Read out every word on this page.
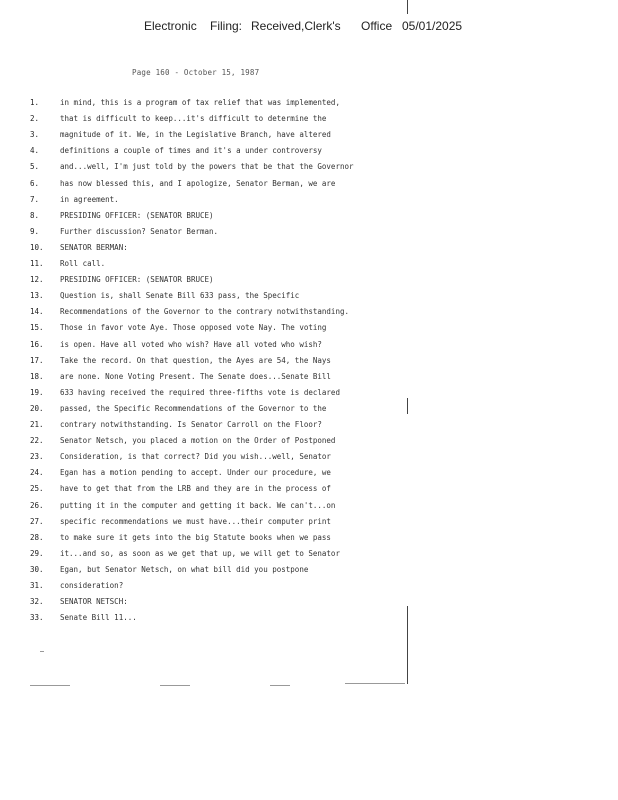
Electronic Filing: Received,Clerk's Office 05/01/2025
Page 160 - October 15, 1987
1.	in mind, this is a program of tax relief that was implemented,
2.	that is difficult to keep...it's difficult to determine the
3.	magnitude of it. We, in the Legislative Branch, have altered
4.	definitions a couple of times and it's a under controversy
5.	and...well, I'm just told by the powers that be that the Governor
6.	has now blessed this, and I apologize, Senator Berman, we are
7.	in agreement.
8.	PRESIDING OFFICER: (SENATOR BRUCE)
9.	Further discussion? Senator Berman.
10. SENATOR BERMAN:
11. Roll call.
12. PRESIDING OFFICER: (SENATOR BRUCE)
13. Question is, shall Senate Bill 633 pass, the Specific
14. Recommendations of the Governor to the contrary notwithstanding.
15. Those in favor vote Aye. Those opposed vote Nay. The voting
16. is open. Have all voted who wish? Have all voted who wish?
17. Take the record. On that question, the Ayes are 54, the Nays
18. are none. None Voting Present. The Senate does...Senate Bill
19. 633 having received the required three-fifths vote is declared
20. passed, the Specific Recommendations of the Governor to the
21. contrary notwithstanding. Is Senator Carroll on the Floor?
22. Senator Netsch, you placed a motion on the Order of Postponed
23. Consideration, is that correct? Did you wish...well, Senator
24. Egan has a motion pending to accept. Under our procedure, we
25. have to get that from the LRB and they are in the process of
26. putting it in the computer and getting it back. We can't...on
27. specific recommendations we must have...their computer print
28. to make sure it gets into the big Statute books when we pass
29. it...and so, as soon as we get that up, we will get to Senator
30. Egan, but Senator Netsch, on what bill did you postpone
31. consideration?
32. SENATOR NETSCH:
33. Senate Bill 11...
